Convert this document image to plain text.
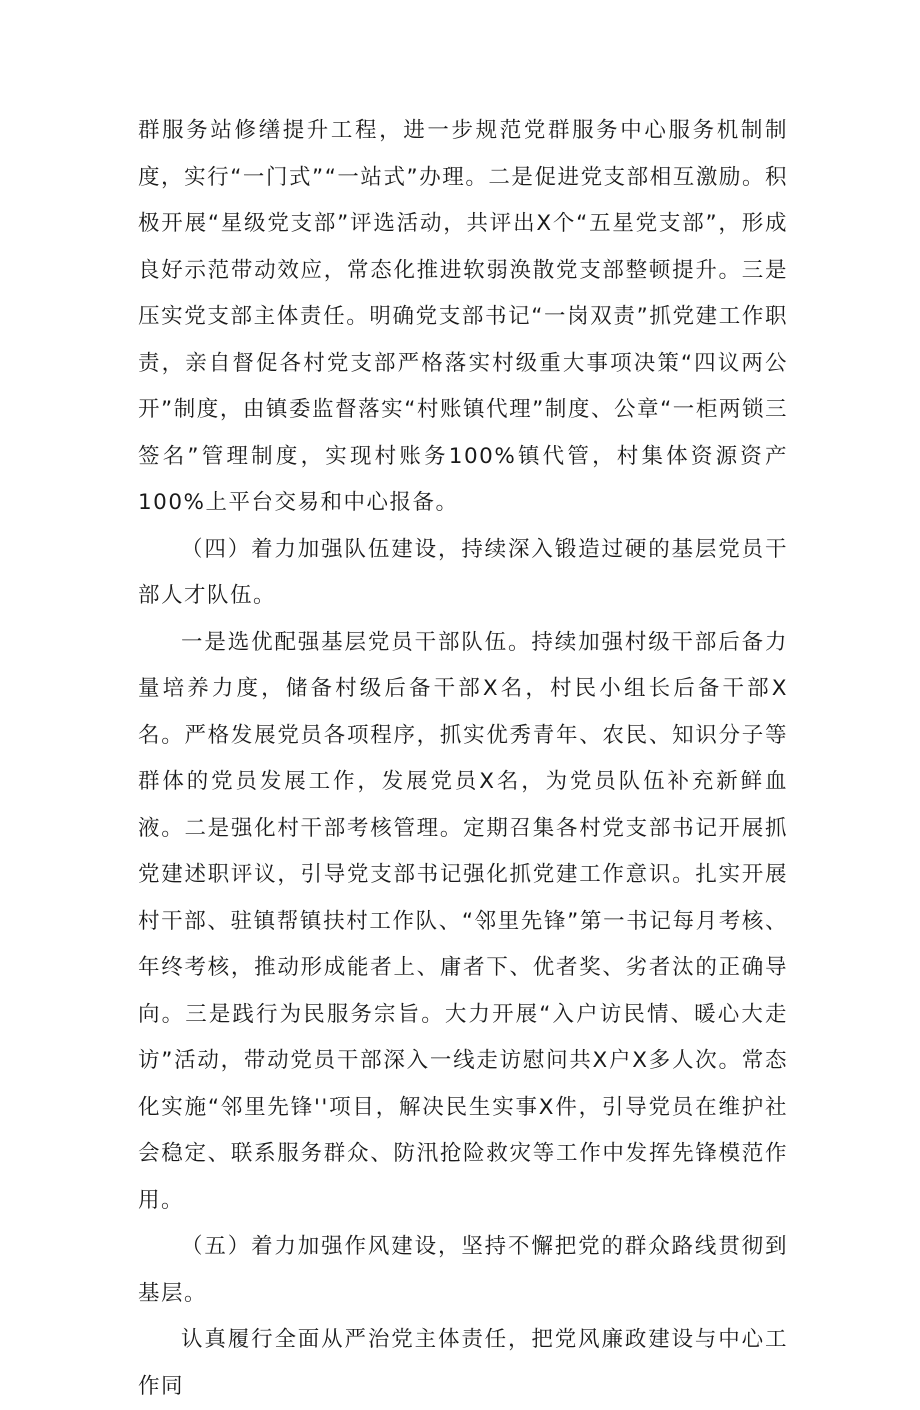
群服务站修缮提升工程，进一步规范党群服务中心服务机制制度，实行“一门式”“一站式”办理。二是促进党支部相互激励。积极开展“星级党支部”评选活动，共评出X个“五星党支部”，形成良好示范带动效应，常态化推进软弱涣散党支部整顿提升。三是压实党支部主体责任。明确党支部书记“一岗双责”抓党建工作职责，亲自督促各村党支部严格落实村级重大事项决策“四议两公开”制度，由镇委监督落实“村账镇代理”制度、公章“一柜两锁三签名”管理制度，实现村账务100%镇代管，村集体资源资产100%上平台交易和中心报备。

（四）着力加强队伍建设，持续深入锻造过硬的基层党员干部人才队伍。

一是选优配强基层党员干部队伍。持续加强村级干部后备力量培养力度，储备村级后备干部X名，村民小组长后备干部X名。严格发展党员各项程序，抓实优秀青年、农民、知识分子等群体的党员发展工作，发展党员X名，为党员队伍补充新鲜血液。二是强化村干部考核管理。定期召集各村党支部书记开展抓党建述职评议，引导党支部书记强化抓党建工作意识。扎实开展村干部、驻镇帮镇扶村工作队、“邻里先锋”第一书记每月考核、年终考核，推动形成能者上、庸者下、优者奖、劣者汰的正确导向。三是践行为民服务宗旨。大力开展“入户访民情、暖心大走访”活动，带动党员干部深入一线走访慰问共X户X多人次。常态化实施“邻里先锋''项目，解决民生实事X件，引导党员在维护社会稳定、联系服务群众、防汛抢险救灾等工作中发挥先锋模范作用。

（五）着力加强作风建设，坚持不懈把党的群众路线贯彻到基层。

认真履行全面从严治党主体责任，把党风廉政建设与中心工作同
